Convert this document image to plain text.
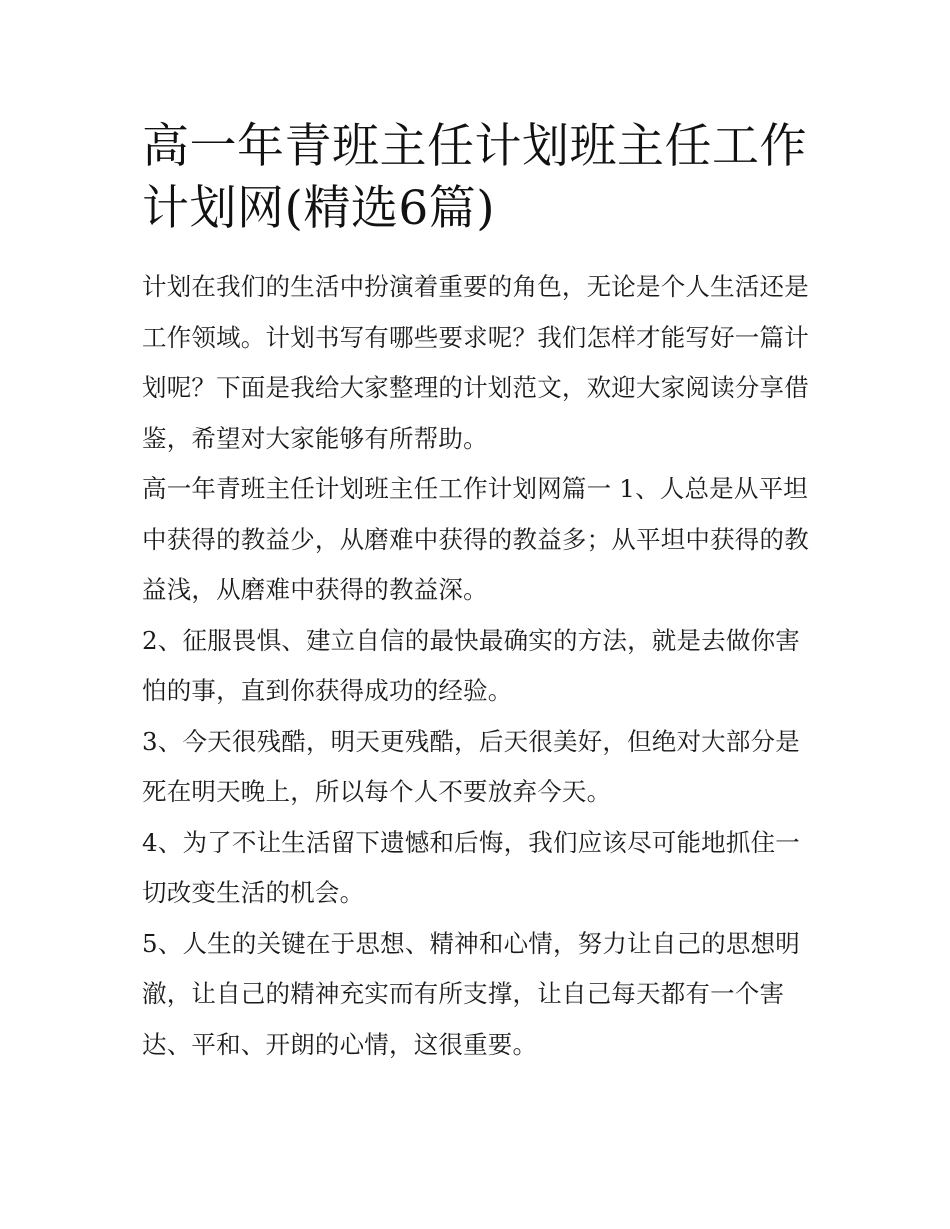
高一年青班主任计划班主任工作计划网(精选6篇)

计划在我们的生活中扮演着重要的角色，无论是个人生活还是工作领域。计划书写有哪些要求呢？我们怎样才能写好一篇计划呢？下面是我给大家整理的计划范文，欢迎大家阅读分享借鉴，希望对大家能够有所帮助。

高一年青班主任计划班主任工作计划网篇一 1、人总是从平坦中获得的教益少，从磨难中获得的教益多；从平坦中获得的教益浅，从磨难中获得的教益深。

2、征服畏惧、建立自信的最快最确实的方法，就是去做你害怕的事，直到你获得成功的经验。

3、今天很残酷，明天更残酷，后天很美好，但绝对大部分是死在明天晚上，所以每个人不要放弃今天。

4、为了不让生活留下遗憾和后悔，我们应该尽可能地抓住一切改变生活的机会。

5、人生的关键在于思想、精神和心情，努力让自己的思想明澈，让自己的精神充实而有所支撑，让自己每天都有一个害达、平和、开朗的心情，这很重要。
